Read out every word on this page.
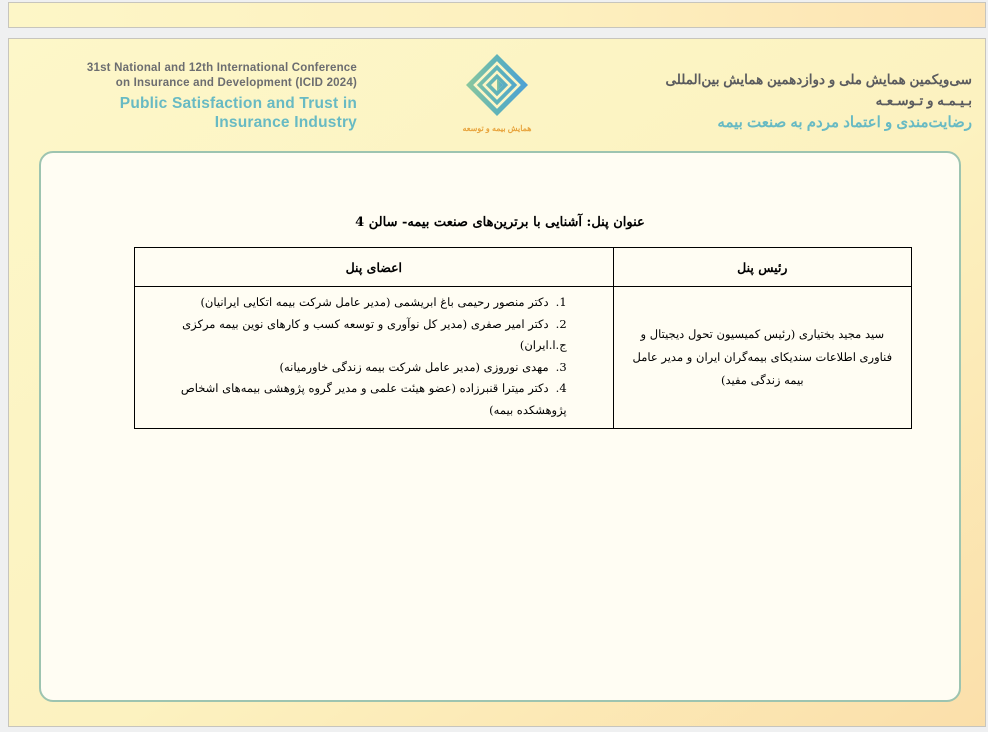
31st National and 12th International Conference
on Insurance and Development (ICID 2024)
Public Satisfaction and Trust in
Insurance Industry	همایش بیمه و توسعه
سی‌ویکمین همایش ملی و دوازدهمین همایش بین‌المللی
بـیـمـه و تـوسـعـه
رضایت‌مندی و اعتماد مردم به صنعت بیمه
عنوان پنل: آشنایی با برترین‌های صنعت بیمه- سالن 4
رئیس پنل	اعضای پنل
سید مجید بختیاری (رئیس کمیسیون تحول دیجیتال و فناوری اطلاعات سندیکای بیمه‌گران ایران و مدیر عامل بیمه زندگی مفید)	1.دکتر منصور رحیمی باغ ابریشمی (مدیر عامل شرکت بیمه اتکایی ایرانیان)
2.دکتر امیر صفری (مدیر کل نوآوری و توسعه کسب و کارهای نوین بیمه مرکزی ج.ا.ایران)
3.مهدی نوروزی (مدیر عامل شرکت بیمه زندگی خاورمیانه)
4.دکتر میترا قنبرزاده (عضو هیئت علمی و مدیر گروه پژوهشی بیمه‌های اشخاص پژوهشکده بیمه)
